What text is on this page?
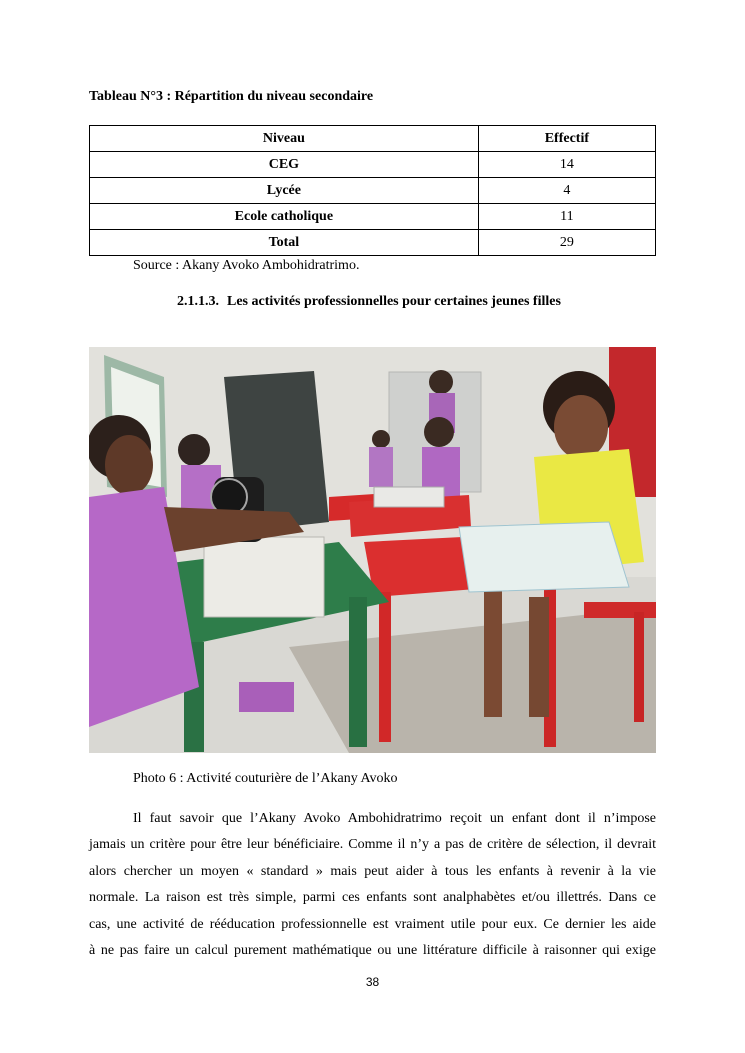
Tableau N°3 : Répartition du niveau secondaire
Niveau	Effectif
CEG	14
Lycée	4
Ecole catholique	11
Total	29
Source : Akany Avoko Ambohidratrimo.
2.1.1.3. Les activités professionnelles pour certaines jeunes filles
Photo 6 : Activité couturière de l’Akany Avoko
Il faut savoir que l’Akany Avoko Ambohidratrimo reçoit un enfant dont il n’impose
jamais un critère pour être leur bénéficiaire. Comme il n’y a pas de critère de sélection, il devrait
alors chercher un moyen « standard » mais peut aider à tous les enfants à revenir à la vie
normale. La raison est très simple, parmi ces enfants sont analphabètes et/ou illettrés. Dans ce
cas, une activité de rééducation professionnelle est vraiment utile pour eux. Ce dernier les aide
à ne pas faire un calcul purement mathématique ou une littérature difficile à raisonner qui exige
38
